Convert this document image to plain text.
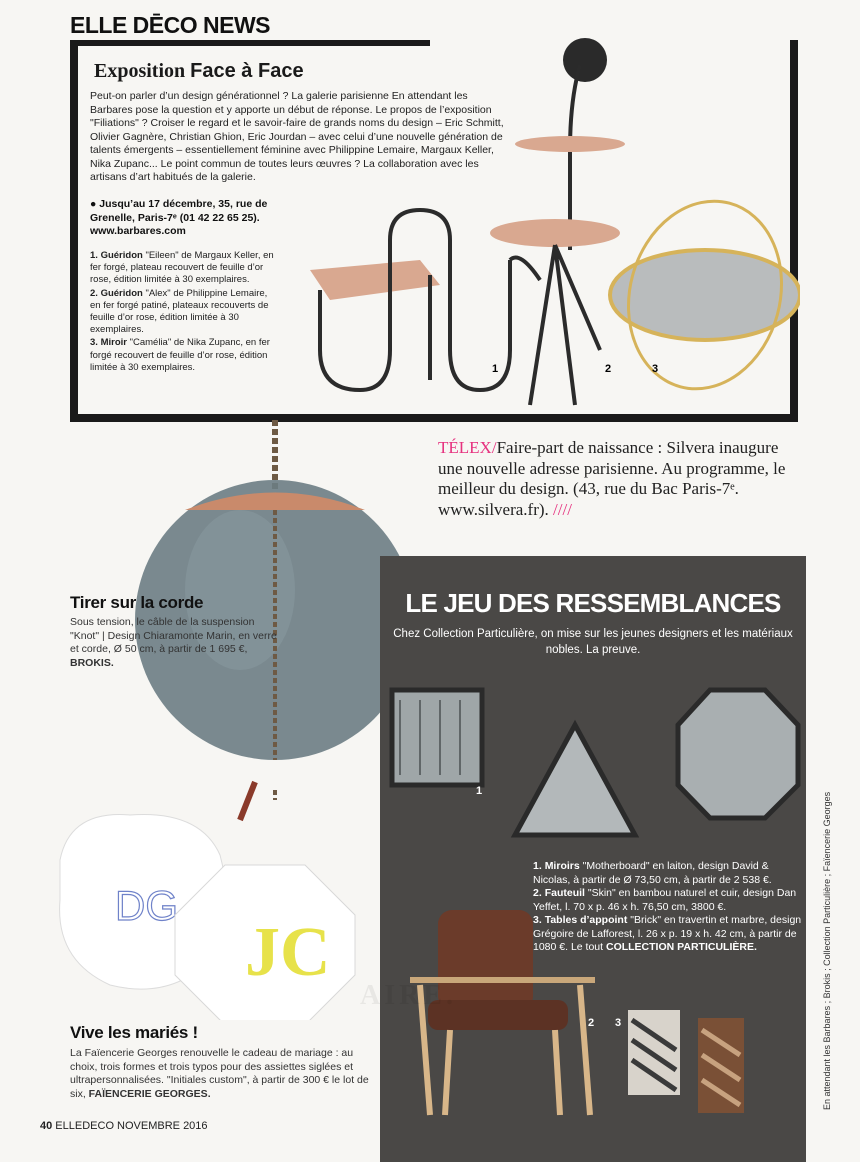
ELLE DĒCO NEWS
Exposition Face à Face
Peut-on parler d’un design générationnel ? La galerie parisienne En attendant les Barbares pose la question et y apporte un début de réponse. Le propos de l’exposition "Filiations" ? Croiser le regard et le savoir-faire de grands noms du design – Eric Schmitt, Olivier Gagnère, Christian Ghion, Eric Jourdan – avec celui d’une nouvelle génération de talents émergents – essentiellement féminine avec Philippine Lemaire, Margaux Keller, Nika Zupanc... Le point commun de toutes leurs œuvres ? La collaboration avec les artisans d’art habitués de la galerie.
● Jusqu’au 17 décembre, 35, rue de Grenelle, Paris-7ᵉ (01 42 22 65 25). www.barbares.com

1. Guéridon "Eileen" de Margaux Keller, en fer forgé, plateau recouvert de feuille d’or rose, édition limitée à 30 exemplaires.

2. Guéridon "Alex" de Philippine Lemaire, en fer forgé patiné, plateaux recouverts de feuille d’or rose, édition limitée à 30 exemplaires.

3. Miroir "Camélia" de Nika Zupanc, en fer forgé recouvert de feuille d’or rose, édition limitée à 30 exemplaires.	1	2	3
TÉLEX/Faire-part de naissance : Silvera inaugure une nouvelle adresse parisienne. Au programme, le meilleur du design. (43, rue du Bac Paris-7ᵉ. www.silvera.fr). ////
Tirer sur la corde
Sous tension, le câble de la suspension "Knot" | Design Chiaramonte Marin, en verre et corde, Ø 50 cm, à partir de 1 695 €, BROKIS.
LE JEU DES RESSEMBLANCES
Chez Collection Particulière, on mise sur les jeunes designers et les matériaux nobles. La preuve.
1
2 3

1. Miroirs "Motherboard" en laiton, design David & Nicolas, à partir de Ø 73,50 cm, à partir de 2 538 €.

2. Fauteuil "Skin" en bambou naturel et cuir, design Dan Yeffet, l. 70 x p. 46 x h. 76,50 cm, 3800 €.

3. Tables d’appoint "Brick" en travertin et marbre, design Grégoire de Lafforest, l. 26 x p. 19 x h. 42 cm, à partir de 1080 €. Le tout COLLECTION PARTICULIÈRE.

DG
JC
AIRE.
Vive les mariés !
La Faïencerie Georges renouvelle le cadeau de mariage : au choix, trois formes et trois typos pour des assiettes siglées et ultrapersonnalisées. "Initiales custom", à partir de 300 € le lot de six, FAÏENCERIE GEORGES.
40 ELLEDECO NOVEMBRE 2016
En attendant les Barbares ; Brokis ; Collection Particulière ; Faïencerie Georges
